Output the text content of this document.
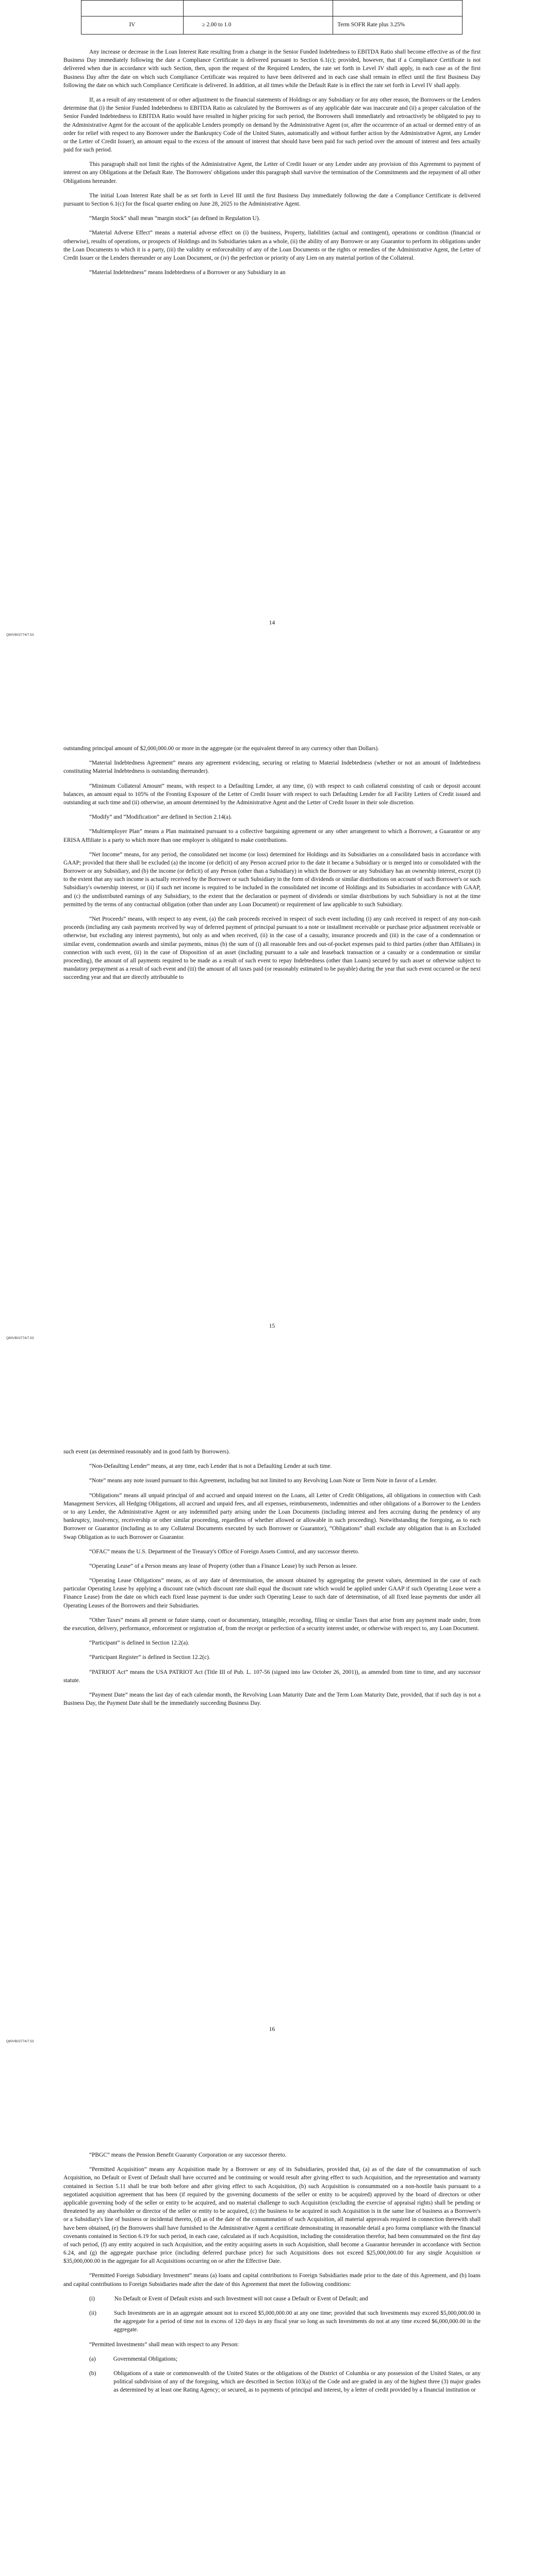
IV	≥ 2.00 to 1.0	Term SOFR Rate plus 3.25%

Any increase or decrease in the Loan Interest Rate resulting from a change in the Senior Funded Indebtedness to EBITDA Ratio shall become effective as of the first Business Day immediately following the date a Compliance Certificate is delivered pursuant to Section 6.1(c); provided, however, that if a Compliance Certificate is not delivered when due in accordance with such Section, then, upon the request of the Required Lenders, the rate set forth in Level IV shall apply, in each case as of the first Business Day after the date on which such Compliance Certificate was required to have been delivered and in each case shall remain in effect until the first Business Day following the date on which such Compliance Certificate is delivered. In addition, at all times while the Default Rate is in effect the rate set forth in Level IV shall apply.

If, as a result of any restatement of or other adjustment to the financial statements of Holdings or any Subsidiary or for any other reason, the Borrowers or the Lenders determine that (i) the Senior Funded Indebtedness to EBITDA Ratio as calculated by the Borrowers as of any applicable date was inaccurate and (ii) a proper calculation of the Senior Funded Indebtedness to EBITDA Ratio would have resulted in higher pricing for such period, the Borrowers shall immediately and retroactively be obligated to pay to the Administrative Agent for the account of the applicable Lenders promptly on demand by the Administrative Agent (or, after the occurrence of an actual or deemed entry of an order for relief with respect to any Borrower under the Bankruptcy Code of the United States, automatically and without further action by the Administrative Agent, any Lender or the Letter of Credit Issuer), an amount equal to the excess of the amount of interest that should have been paid for such period over the amount of interest and fees actually paid for such period.

This paragraph shall not limit the rights of the Administrative Agent, the Letter of Credit Issuer or any Lender under any provision of this Agreement to payment of interest on any Obligations at the Default Rate. The Borrowers' obligations under this paragraph shall survive the termination of the Commitments and the repayment of all other Obligations hereunder.

The initial Loan Interest Rate shall be as set forth in Level III until the first Business Day immediately following the date a Compliance Certificate is delivered pursuant to Section 6.1(c) for the fiscal quarter ending on June 28, 2025 to the Administrative Agent.

“Margin Stock” shall mean “margin stock” (as defined in Regulation U).

“Material Adverse Effect” means a material adverse effect on (i) the business, Property, liabilities (actual and contingent), operations or condition (financial or otherwise), results of operations, or prospects of Holdings and its Subsidiaries taken as a whole, (ii) the ability of any Borrower or any Guarantor to perform its obligations under the Loan Documents to which it is a party, (iii) the validity or enforceability of any of the Loan Documents or the rights or remedies of the Administrative Agent, the Letter of Credit Issuer or the Lenders thereunder or any Loan Document, or (iv) the perfection or priority of any Lien on any material portion of the Collateral.

“Material Indebtedness” means Indebtedness of a Borrower or any Subsidiary in an

14
Q80VB02774/7.53

outstanding principal amount of $2,000,000.00 or more in the aggregate (or the equivalent thereof in any currency other than Dollars).

“Material Indebtedness Agreement” means any agreement evidencing, securing or relating to Material Indebtedness (whether or not an amount of Indebtedness constituting Material Indebtedness is outstanding thereunder).

“Minimum Collateral Amount” means, with respect to a Defaulting Lender, at any time, (i) with respect to cash collateral consisting of cash or deposit account balances, an amount equal to 105% of the Fronting Exposure of the Letter of Credit Issuer with respect to such Defaulting Lender for all Facility Letters of Credit issued and outstanding at such time and (ii) otherwise, an amount determined by the Administrative Agent and the Letter of Credit Issuer in their sole discretion.

“Modify” and “Modification” are defined in Section 2.14(a).

“Multiemployer Plan” means a Plan maintained pursuant to a collective bargaining agreement or any other arrangement to which a Borrower, a Guarantor or any ERISA Affiliate is a party to which more than one employer is obligated to make contributions.

“Net Income” means, for any period, the consolidated net income (or loss) determined for Holdings and its Subsidiaries on a consolidated basis in accordance with GAAP; provided that there shall be excluded (a) the income (or deficit) of any Person accrued prior to the date it became a Subsidiary or is merged into or consolidated with the Borrower or any Subsidiary, and (b) the income (or deficit) of any Person (other than a Subsidiary) in which the Borrower or any Subsidiary has an ownership interest, except (i) to the extent that any such income is actually received by the Borrower or such Subsidiary in the form of dividends or similar distributions on account of such Borrower's or such Subsidiary's ownership interest, or (ii) if such net income is required to be included in the consolidated net income of Holdings and its Subsidiaries in accordance with GAAP, and (c) the undistributed earnings of any Subsidiary, to the extent that the declaration or payment of dividends or similar distributions by such Subsidiary is not at the time permitted by the terms of any contractual obligation (other than under any Loan Document) or requirement of law applicable to such Subsidiary.

“Net Proceeds” means, with respect to any event, (a) the cash proceeds received in respect of such event including (i) any cash received in respect of any non-cash proceeds (including any cash payments received by way of deferred payment of principal pursuant to a note or installment receivable or purchase price adjustment receivable or otherwise, but excluding any interest payments), but only as and when received, (ii) in the case of a casualty, insurance proceeds and (iii) in the case of a condemnation or similar event, condemnation awards and similar payments, minus (b) the sum of (i) all reasonable fees and out-of-pocket expenses paid to third parties (other than Affiliates) in connection with such event, (ii) in the case of Disposition of an asset (including pursuant to a sale and leaseback transaction or a casualty or a condemnation or similar proceeding), the amount of all payments required to be made as a result of such event to repay Indebtedness (other than Loans) secured by such asset or otherwise subject to mandatory prepayment as a result of such event and (iii) the amount of all taxes paid (or reasonably estimated to be payable) during the year that such event occurred or the next succeeding year and that are directly attributable to

15
Q80VB02774/7.53

such event (as determined reasonably and in good faith by Borrowers).

“Non-Defaulting Lender” means, at any time, each Lender that is not a Defaulting Lender at such time.

“Note” means any note issued pursuant to this Agreement, including but not limited to any Revolving Loan Note or Term Note in favor of a Lender.

“Obligations” means all unpaid principal of and accrued and unpaid interest on the Loans, all Letter of Credit Obligations, all obligations in connection with Cash Management Services, all Hedging Obligations, all accrued and unpaid fees, and all expenses, reimbursements, indemnities and other obligations of a Borrower to the Lenders or to any Lender, the Administrative Agent or any indemnified party arising under the Loan Documents (including interest and fees accruing during the pendency of any bankruptcy, insolvency, receivership or other similar proceeding, regardless of whether allowed or allowable in such proceeding). Notwithstanding the foregoing, as to each Borrower or Guarantor (including as to any Collateral Documents executed by such Borrower or Guarantor), “Obligations” shall exclude any obligation that is an Excluded Swap Obligation as to such Borrower or Guarantor.

“OFAC” means the U.S. Department of the Treasury's Office of Foreign Assets Control, and any successor thereto.

“Operating Lease” of a Person means any lease of Property (other than a Finance Lease) by such Person as lessee.

“Operating Lease Obligations” means, as of any date of determination, the amount obtained by aggregating the present values, determined in the case of each particular Operating Lease by applying a discount rate (which discount rate shall equal the discount rate which would be applied under GAAP if such Operating Lease were a Finance Lease) from the date on which each fixed lease payment is due under such Operating Lease to such date of determination, of all fixed lease payments due under all Operating Leases of the Borrowers and their Subsidiaries.

“Other Taxes” means all present or future stamp, court or documentary, intangible, recording, filing or similar Taxes that arise from any payment made under, from the execution, delivery, performance, enforcement or registration of, from the receipt or perfection of a security interest under, or otherwise with respect to, any Loan Document.

“Participant” is defined in Section 12.2(a).

“Participant Register” is defined in Section 12.2(c).

“PATRIOT Act” means the USA PATRIOT Act (Title III of Pub. L. 107-56 (signed into law October 26, 2001)), as amended from time to time, and any successor statute.

“Payment Date” means the last day of each calendar month, the Revolving Loan Maturity Date and the Term Loan Maturity Date, provided, that if such day is not a Business Day, the Payment Date shall be the immediately succeeding Business Day.

16
Q80VB02774/7.53

“PBGC” means the Pension Benefit Guaranty Corporation or any successor thereto.

“Permitted Acquisition” means any Acquisition made by a Borrower or any of its Subsidiaries, provided that, (a) as of the date of the consummation of such Acquisition, no Default or Event of Default shall have occurred and be continuing or would result after giving effect to such Acquisition, and the representation and warranty contained in Section 5.11 shall be true both before and after giving effect to such Acquisition, (b) such Acquisition is consummated on a non-hostile basis pursuant to a negotiated acquisition agreement that has been (if required by the governing documents of the seller or entity to be acquired) approved by the board of directors or other applicable governing body of the seller or entity to be acquired, and no material challenge to such Acquisition (excluding the exercise of appraisal rights) shall be pending or threatened by any shareholder or director of the seller or entity to be acquired, (c) the business to be acquired in such Acquisition is in the same line of business as a Borrower's or a Subsidiary's line of business or incidental thereto, (d) as of the date of the consummation of such Acquisition, all material approvals required in connection therewith shall have been obtained, (e) the Borrowers shall have furnished to the Administrative Agent a certificate demonstrating in reasonable detail a pro forma compliance with the financial covenants contained in Section 6.19 for such period, in each case, calculated as if such Acquisition, including the consideration therefor, had been consummated on the first day of such period, (f) any entity acquired in such Acquisition, and the entity acquiring assets in such Acquisition, shall become a Guarantor hereunder in accordance with Section 6.24, and (g) the aggregate purchase price (including deferred purchase price) for such Acquisitions does not exceed $25,000,000.00 for any single Acquisition or $35,000,000.00 in the aggregate for all Acquisitions occurring on or after the Effective Date.

“Permitted Foreign Subsidiary Investment” means (a) loans and capital contributions to Foreign Subsidiaries made prior to the date of this Agreement, and (b) loans and capital contributions to Foreign Subsidiaries made after the date of this Agreement that meet the following conditions:

(i)	No Default or Event of Default exists and such Investment will not cause a Default or Event of Default; and
(ii)	Such Investments are in an aggregate amount not to exceed $5,000,000.00 at any one time; provided that such Investments may exceed $5,000,000.00 in the aggregate for a period of time not in excess of 120 days in any fiscal year so long as such Investments do not at any time exceed $6,000,000.00 in the aggregate.

“Permitted Investments” shall mean with respect to any Person:

(a)	Governmental Obligations;
(b)	Obligations of a state or commonwealth of the United States or the obligations of the District of Columbia or any possession of the United States, or any political subdivision of any of the foregoing, which are described in Section 103(a) of the Code and are graded in any of the highest three (3) major grades as determined by at least one Rating Agency; or secured, as to payments of principal and interest, by a letter of credit provided by a financial institution or
